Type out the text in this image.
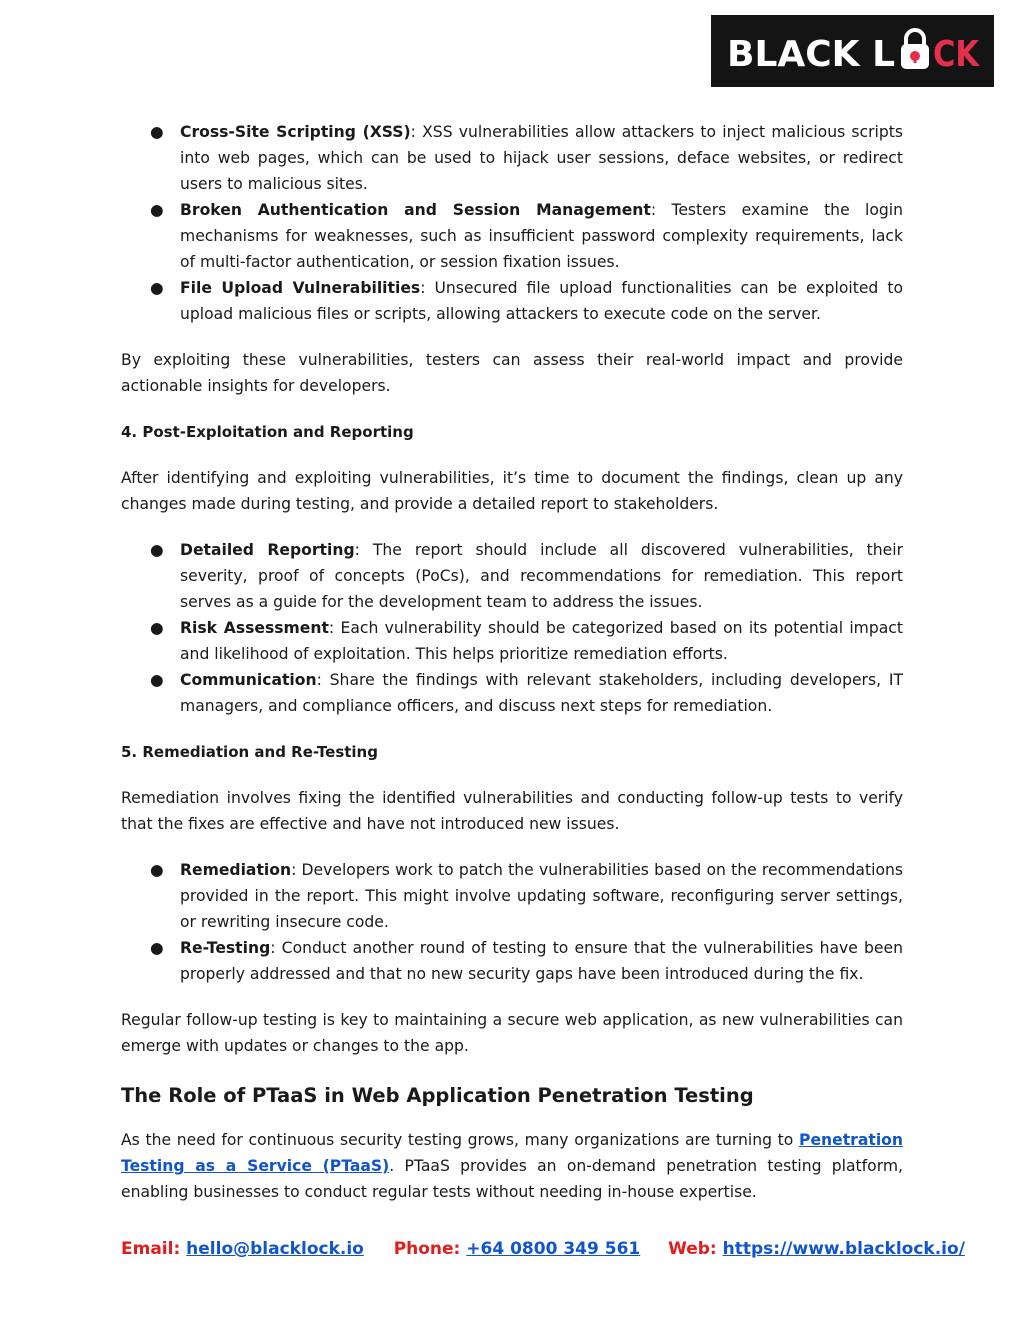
BLACK L CK
● Cross-Site Scripting (XSS): XSS vulnerabilities allow attackers to inject malicious scripts into web pages, which can be used to hijack user sessions, deface websites, or redirect users to malicious sites.
● Broken Authentication and Session Management: Testers examine the login mechanisms for weaknesses, such as insufficient password complexity requirements, lack of multi-factor authentication, or session fixation issues.
● File Upload Vulnerabilities: Unsecured file upload functionalities can be exploited to upload malicious files or scripts, allowing attackers to execute code on the server.

By exploiting these vulnerabilities, testers can assess their real-world impact and provide actionable insights for developers.

4. Post-Exploitation and Reporting

After identifying and exploiting vulnerabilities, it’s time to document the findings, clean up any changes made during testing, and provide a detailed report to stakeholders.

● Detailed Reporting: The report should include all discovered vulnerabilities, their severity, proof of concepts (PoCs), and recommendations for remediation. This report serves as a guide for the development team to address the issues.
● Risk Assessment: Each vulnerability should be categorized based on its potential impact and likelihood of exploitation. This helps prioritize remediation efforts.
● Communication: Share the findings with relevant stakeholders, including developers, IT managers, and compliance officers, and discuss next steps for remediation.
5. Remediation and Re-Testing

Remediation involves fixing the identified vulnerabilities and conducting follow-up tests to verify that the fixes are effective and have not introduced new issues.

● Remediation: Developers work to patch the vulnerabilities based on the recommendations provided in the report. This might involve updating software, reconfiguring server settings, or rewriting insecure code.
● Re-Testing: Conduct another round of testing to ensure that the vulnerabilities have been properly addressed and that no new security gaps have been introduced during the fix.

Regular follow-up testing is key to maintaining a secure web application, as new vulnerabilities can emerge with updates or changes to the app.

The Role of PTaaS in Web Application Penetration Testing

As the need for continuous security testing grows, many organizations are turning to Penetration Testing as a Service (PTaaS). PTaaS provides an on-demand penetration testing platform, enabling businesses to conduct regular tests without needing in-house expertise.

Email: hello@blacklock.io Phone: +64 0800 349 561 Web: https://www.blacklock.io/
